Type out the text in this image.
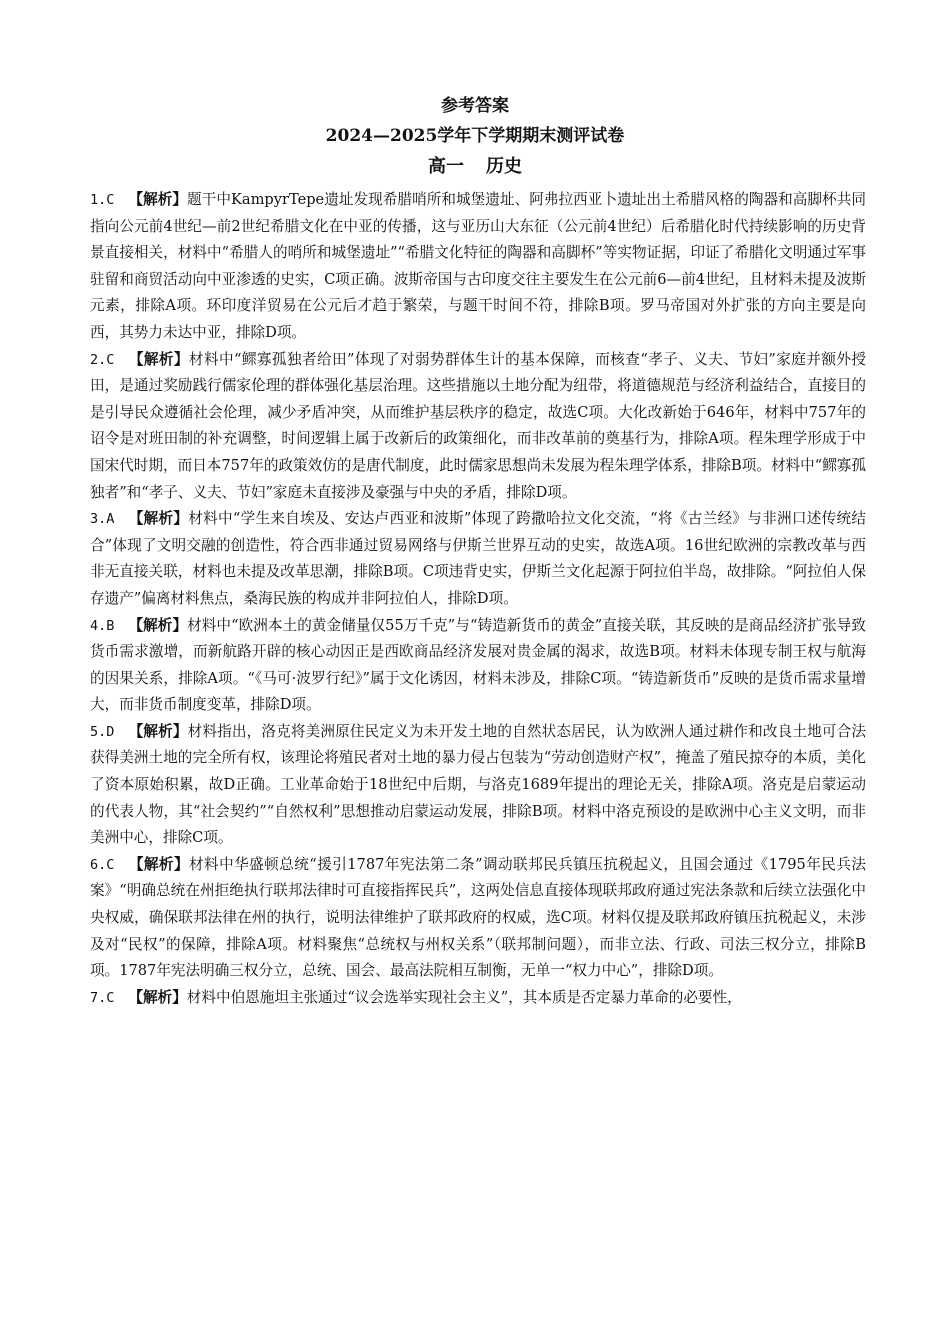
参考答案
2024—2025学年下学期期末测评试卷
高一 历史

1.C 【解析】题干中KampyrTepe遗址发现希腊哨所和城堡遗址、阿弗拉西亚卜遗址出土希腊风格的陶器和高脚杯共同指向公元前4世纪—前2世纪希腊文化在中亚的传播，这与亚历山大东征（公元前4世纪）后希腊化时代持续影响的历史背景直接相关，材料中“希腊人的哨所和城堡遗址”“希腊文化特征的陶器和高脚杯”等实物证据，印证了希腊化文明通过军事驻留和商贸活动向中亚渗透的史实，C项正确。波斯帝国与古印度交往主要发生在公元前6—前4世纪，且材料未提及波斯元素，排除A项。环印度洋贸易在公元后才趋于繁荣，与题干时间不符，排除B项。罗马帝国对外扩张的方向主要是向西，其势力未达中亚，排除D项。

2.C 【解析】材料中“鳏寡孤独者给田”体现了对弱势群体生计的基本保障，而核查“孝子、义夫、节妇”家庭并额外授田，是通过奖励践行儒家伦理的群体强化基层治理。这些措施以土地分配为纽带，将道德规范与经济利益结合，直接目的是引导民众遵循社会伦理，减少矛盾冲突，从而维护基层秩序的稳定，故选C项。大化改新始于646年，材料中757年的诏令是对班田制的补充调整，时间逻辑上属于改新后的政策细化，而非改革前的奠基行为，排除A项。程朱理学形成于中国宋代时期，而日本757年的政策效仿的是唐代制度，此时儒家思想尚未发展为程朱理学体系，排除B项。材料中“鳏寡孤独者”和“孝子、义夫、节妇”家庭未直接涉及豪强与中央的矛盾，排除D项。

3.A 【解析】材料中“学生来自埃及、安达卢西亚和波斯”体现了跨撒哈拉文化交流，“将《古兰经》与非洲口述传统结合”体现了文明交融的创造性，符合西非通过贸易网络与伊斯兰世界互动的史实，故选A项。16世纪欧洲的宗教改革与西非无直接关联，材料也未提及改革思潮，排除B项。C项违背史实，伊斯兰文化起源于阿拉伯半岛，故排除。“阿拉伯人保存遗产”偏离材料焦点，桑海民族的构成并非阿拉伯人，排除D项。

4.B 【解析】材料中“欧洲本土的黄金储量仅55万千克”与“铸造新货币的黄金”直接关联，其反映的是商品经济扩张导致货币需求激增，而新航路开辟的核心动因正是西欧商品经济发展对贵金属的渴求，故选B项。材料未体现专制王权与航海的因果关系，排除A项。“《马可·波罗行纪》”属于文化诱因，材料未涉及，排除C项。“铸造新货币”反映的是货币需求量增大，而非货币制度变革，排除D项。

5.D 【解析】材料指出，洛克将美洲原住民定义为未开发土地的自然状态居民，认为欧洲人通过耕作和改良土地可合法获得美洲土地的完全所有权，该理论将殖民者对土地的暴力侵占包装为“劳动创造财产权”，掩盖了殖民掠夺的本质，美化了资本原始积累，故D正确。工业革命始于18世纪中后期，与洛克1689年提出的理论无关，排除A项。洛克是启蒙运动的代表人物，其“社会契约”“自然权利”思想推动启蒙运动发展，排除B项。材料中洛克预设的是欧洲中心主义文明，而非美洲中心，排除C项。

6.C 【解析】材料中华盛顿总统“援引1787年宪法第二条”调动联邦民兵镇压抗税起义，且国会通过《1795年民兵法案》“明确总统在州拒绝执行联邦法律时可直接指挥民兵”，这两处信息直接体现联邦政府通过宪法条款和后续立法强化中央权威，确保联邦法律在州的执行，说明法律维护了联邦政府的权威，选C项。材料仅提及联邦政府镇压抗税起义，未涉及对“民权”的保障，排除A项。材料聚焦“总统权与州权关系”（联邦制问题），而非立法、行政、司法三权分立，排除B项。1787年宪法明确三权分立，总统、国会、最高法院相互制衡，无单一“权力中心”，排除D项。

7.C 【解析】材料中伯恩施坦主张通过“议会选举实现社会主义”，其本质是否定暴力革命的必要性，
